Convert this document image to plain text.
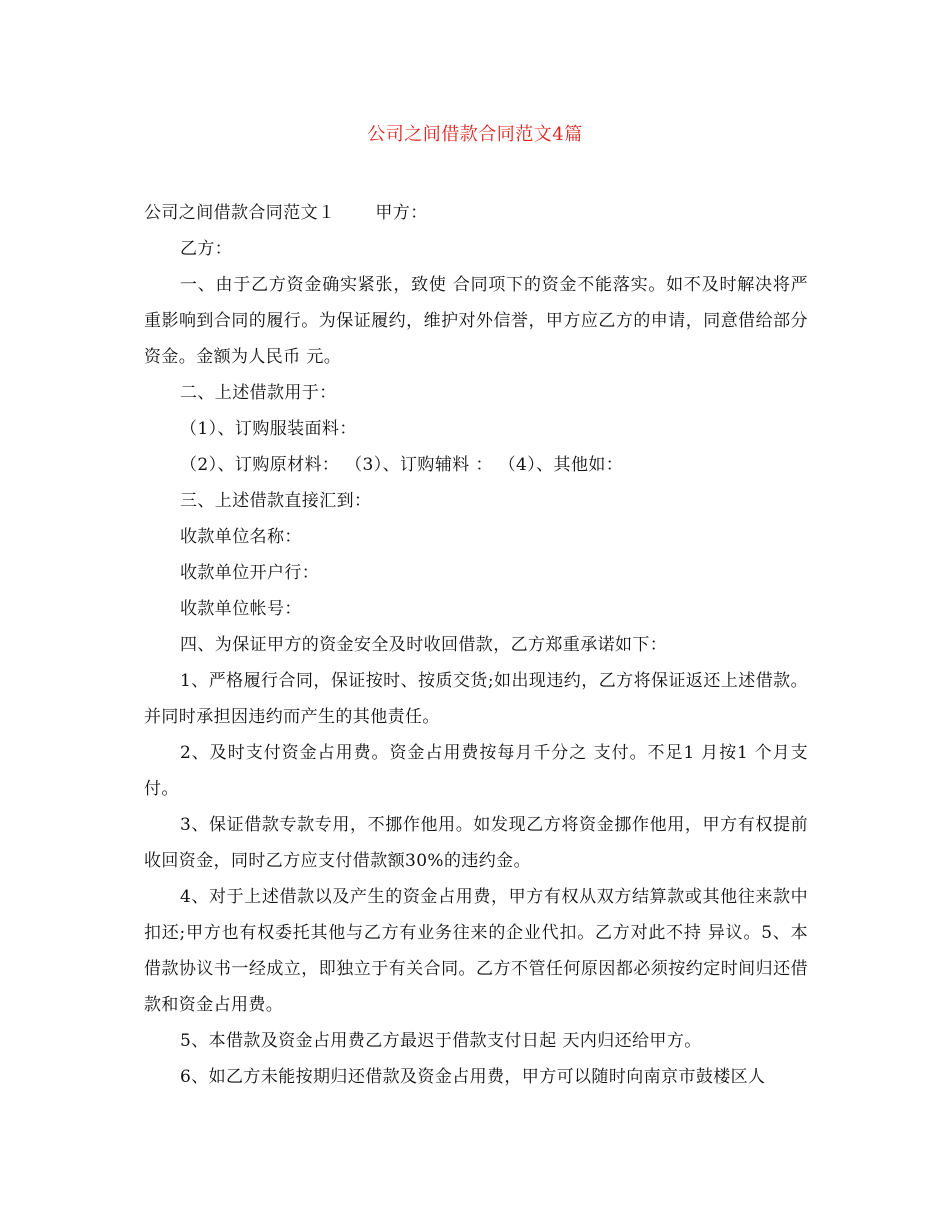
公司之间借款合同范文4篇

公司之间借款合同范文１ 甲方：

乙方：

一、由于乙方资金确实紧张，致使 合同项下的资金不能落实。如不及时解决将严重影响到合同的履行。为保证履约，维护对外信誉，甲方应乙方的申请，同意借给部分资金。金额为人民币 元。

二、上述借款用于：

（1）、订购服装面料：

（2）、订购原材料： （3）、订购辅料 ： （4）、其他如：

三、上述借款直接汇到：

收款单位名称：

收款单位开户行：

收款单位帐号：

四、为保证甲方的资金安全及时收回借款，乙方郑重承诺如下：

1、严格履行合同，保证按时、按质交货;如出现违约，乙方将保证返还上述借款。并同时承担因违约而产生的其他责任。

2、及时支付资金占用费。资金占用费按每月千分之 支付。不足1 月按1 个月支付。

3、保证借款专款专用，不挪作他用。如发现乙方将资金挪作他用，甲方有权提前收回资金，同时乙方应支付借款额30%的违约金。

4、对于上述借款以及产生的资金占用费，甲方有权从双方结算款或其他往来款中扣还;甲方也有权委托其他与乙方有业务往来的企业代扣。乙方对此不持 异议。5、本借款协议书一经成立，即独立于有关合同。乙方不管任何原因都必须按约定时间归还借款和资金占用费。

5、本借款及资金占用费乙方最迟于借款支付日起 天内归还给甲方。

6、如乙方未能按期归还借款及资金占用费，甲方可以随时向南京市鼓楼区人
